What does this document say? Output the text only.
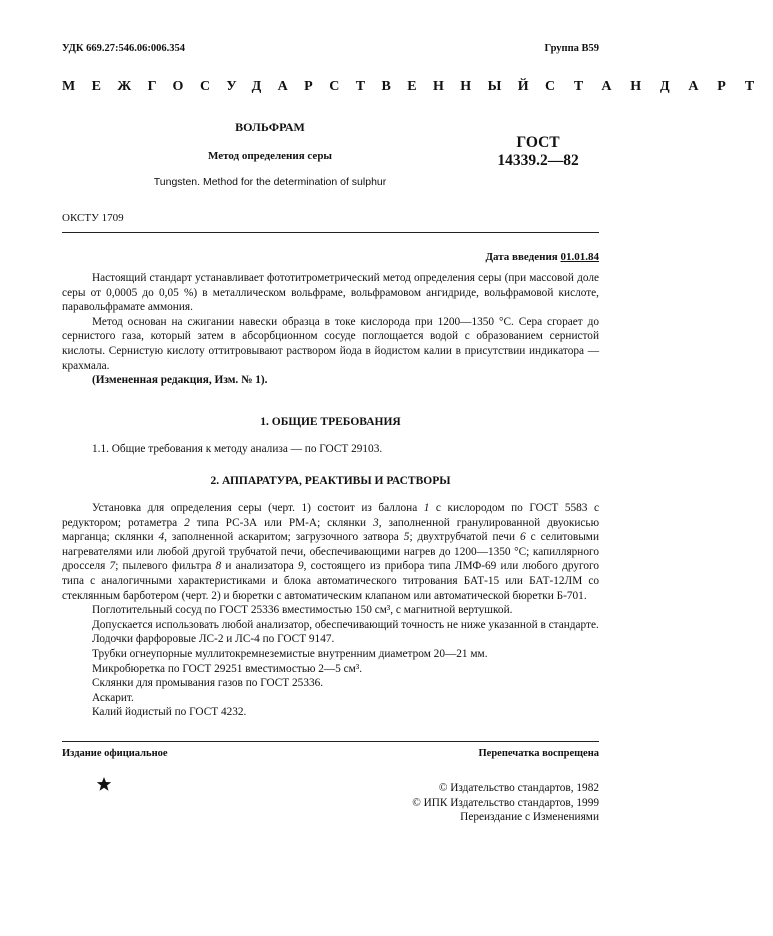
УДК 669.27:546.06:006.354	Группа В59
МЕЖГОСУДАРСТВЕННЫЙ СТАНДАРТ
ВОЛЬФРАМ
Метод определения серы
Tungsten. Method for the determination of sulphur
ГОСТ
14339.2—82
ОКСТУ 1709
Дата введения 01.01.84

Настоящий стандарт устанавливает фототитрометрический метод определения серы (при массовой доле серы от 0,0005 до 0,05 %) в металлическом вольфраме, вольфрамовом ангидриде, вольфрамовой кислоте, паравольфрамате аммония.

Метод основан на сжигании навески образца в токе кислорода при 1200—1350 °С. Сера сгорает до сернистого газа, который затем в абсорбционном сосуде поглощается водой с образованием сернистой кислоты. Сернистую кислоту оттитровывают раствором йода в йодистом калии в присутствии индикатора — крахмала.

(Измененная редакция, Изм. № 1).

1. ОБЩИЕ ТРЕБОВАНИЯ

1.1. Общие требования к методу анализа — по ГОСТ 29103.

2. АППАРАТУРА, РЕАКТИВЫ И РАСТВОРЫ

Установка для определения серы (черт. 1) состоит из баллона 1 с кислородом по ГОСТ 5583 с редуктором; ротаметра 2 типа РС-3А или РМ-А; склянки 3, заполненной гранулированной двуокисью марганца; склянки 4, заполненной аскаритом; загрузочного затвора 5; двухтрубчатой печи 6 с селитовыми нагревателями или любой другой трубчатой печи, обеспечивающими нагрев до 1200—1350 °С; капиллярного дросселя 7; пылевого фильтра 8 и анализатора 9, состоящего из прибора типа ЛМФ-69 или любого другого типа с аналогичными характеристиками и блока автоматического титрования БАТ-15 или БАТ-12ЛМ со стеклянным барботером (черт. 2) и бюретки с автоматическим клапаном или автоматической бюретки Б-701.

Поглотительный сосуд по ГОСТ 25336 вместимостью 150 см³, с магнитной вертушкой.

Допускается использовать любой анализатор, обеспечивающий точность не ниже указанной в стандарте.

Лодочки фарфоровые ЛС-2 и ЛС-4 по ГОСТ 9147.

Трубки огнеупорные муллитокремнеземистые внутренним диаметром 20—21 мм.

Микробюретка по ГОСТ 29251 вместимостью 2—5 см³.

Склянки для промывания газов по ГОСТ 25336.

Аскарит.

Калий йодистый по ГОСТ 4232.

Издание официальное	Перепечатка воспрещена
© Издательство стандартов, 1982
© ИПК Издательство стандартов, 1999
Переиздание с Изменениями
